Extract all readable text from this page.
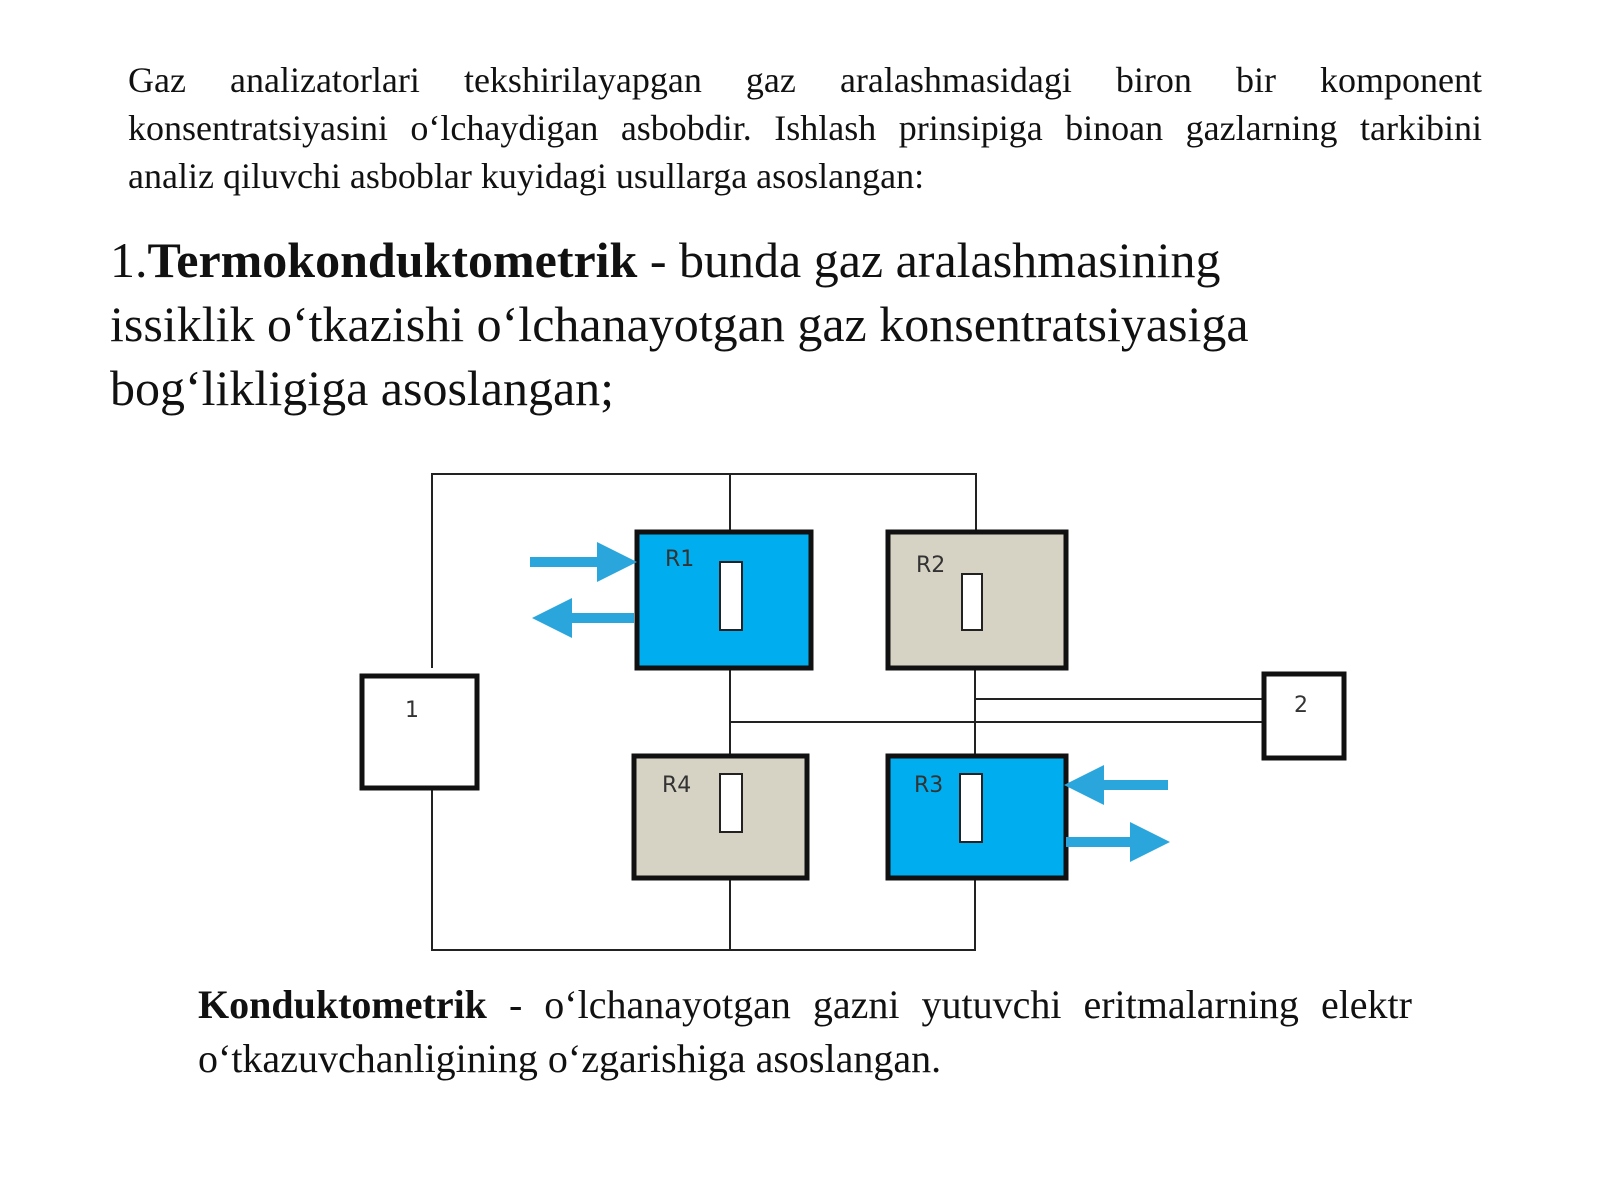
Gaz analizatorlari tekshirilayapgan gaz aralashmasidagi biron bir komponent konsentratsiyasini o‘lchaydigan asbobdir. Ishlash prinsipiga binoan gazlarning tarkibini analiz qiluvchi asboblar kuyidagi usullarga asoslangan:

1.Termokonduktometrik - bunda gaz aralashmasining issiklik o‘tkazishi o‘lchanayotgan gaz konsentratsiyasiga bog‘likligiga asoslangan;
1	2
R1	R2
R4	R3

Konduktometrik - o‘lchanayotgan gazni yutuvchi eritmalarning elektr o‘tkazuvchanligining o‘zgarishiga asoslangan.
